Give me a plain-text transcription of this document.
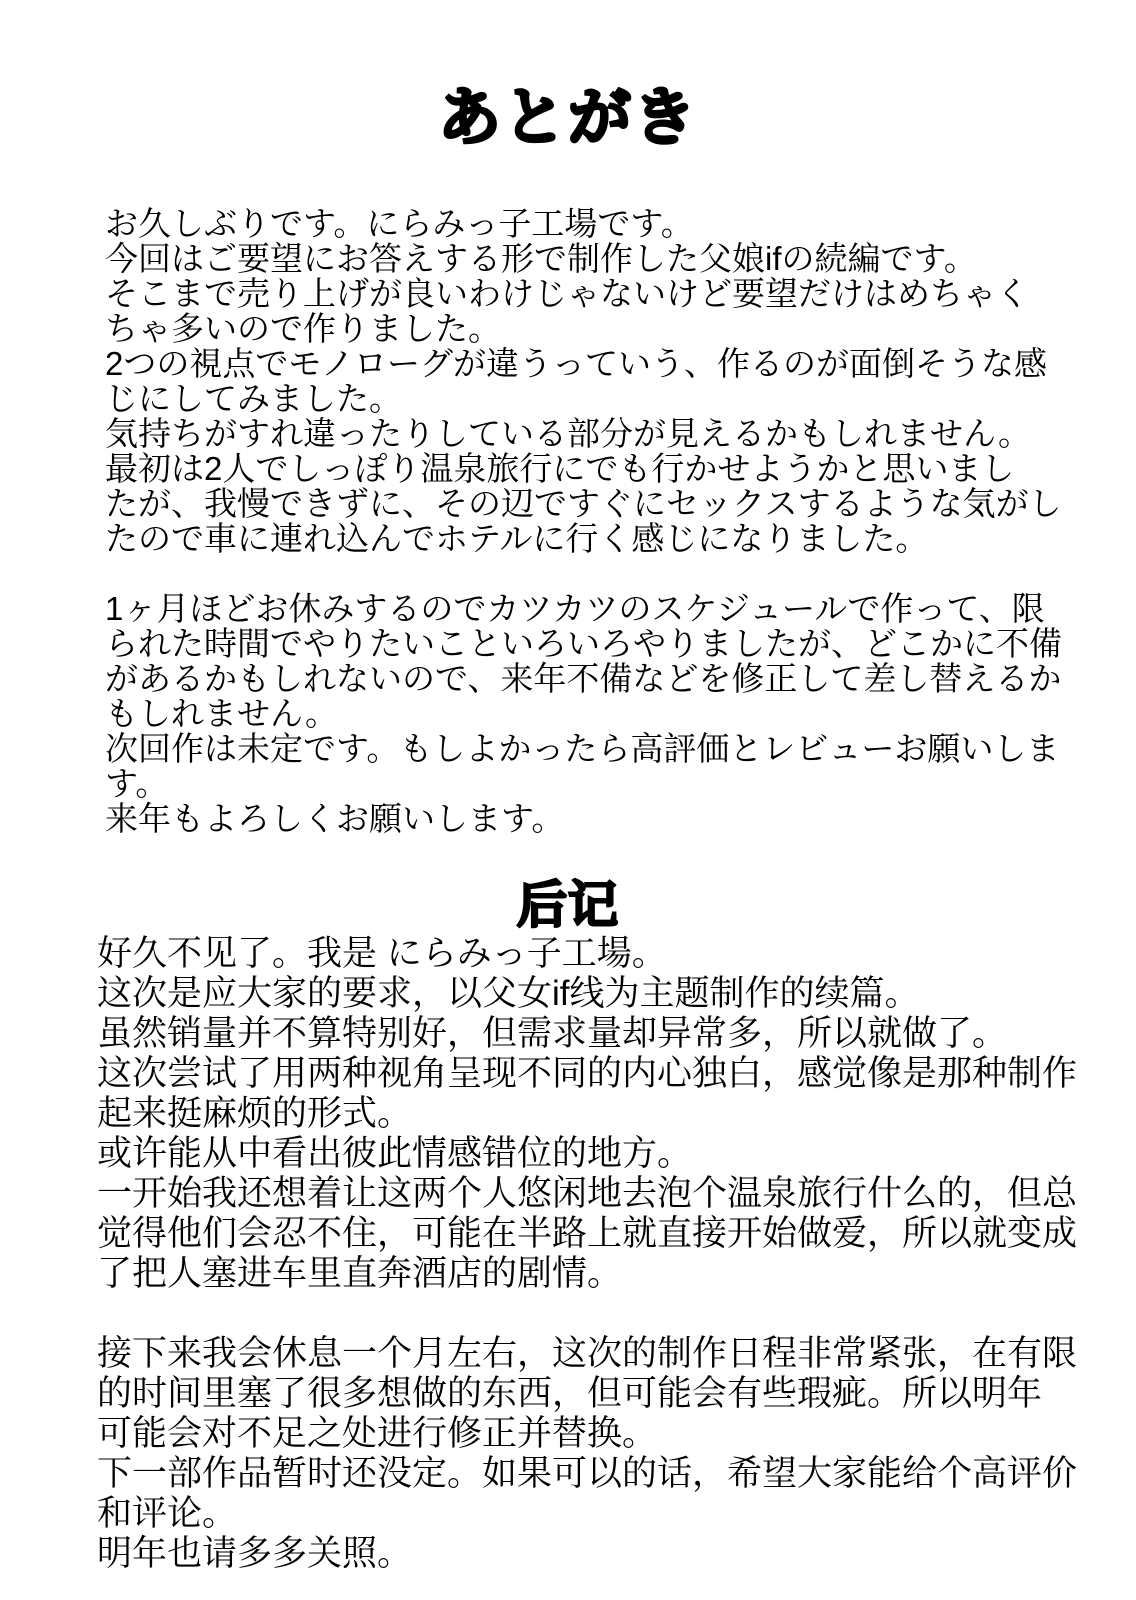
あとがき
お久しぶりです。にらみっ子工場です。
今回はご要望にお答えする形で制作した父娘ifの続編です。
そこまで売り上げが良いわけじゃないけど要望だけはめちゃく
ちゃ多いので作りました。
2つの視点でモノローグが違うっていう、作るのが面倒そうな感
じにしてみました。
気持ちがすれ違ったりしている部分が見えるかもしれません。
最初は2人でしっぽり温泉旅行にでも行かせようかと思いまし
たが、我慢できずに、その辺ですぐにセックスするような気がし
たので車に連れ込んでホテルに行く感じになりました。
1ヶ月ほどお休みするのでカツカツのスケジュールで作って、限
られた時間でやりたいこといろいろやりましたが、どこかに不備
があるかもしれないので、来年不備などを修正して差し替えるか
もしれません。
次回作は未定です。もしよかったら高評価とレビューお願いしま
す。
来年もよろしくお願いします。
后记
好久不见了。我是 にらみっ子工場。
这次是应大家的要求，以父女if线为主题制作的续篇。
虽然销量并不算特别好，但需求量却异常多，所以就做了。
这次尝试了用两种视角呈现不同的内心独白，感觉像是那种制作
起来挺麻烦的形式。
或许能从中看出彼此情感错位的地方。
一开始我还想着让这两个人悠闲地去泡个温泉旅行什么的，但总
觉得他们会忍不住，可能在半路上就直接开始做爱，所以就变成
了把人塞进车里直奔酒店的剧情。
接下来我会休息一个月左右，这次的制作日程非常紧张，在有限
的时间里塞了很多想做的东西，但可能会有些瑕疵。所以明年
可能会对不足之处进行修正并替换。
下一部作品暂时还没定。如果可以的话，希望大家能给个高评价
和评论。
明年也请多多关照。
